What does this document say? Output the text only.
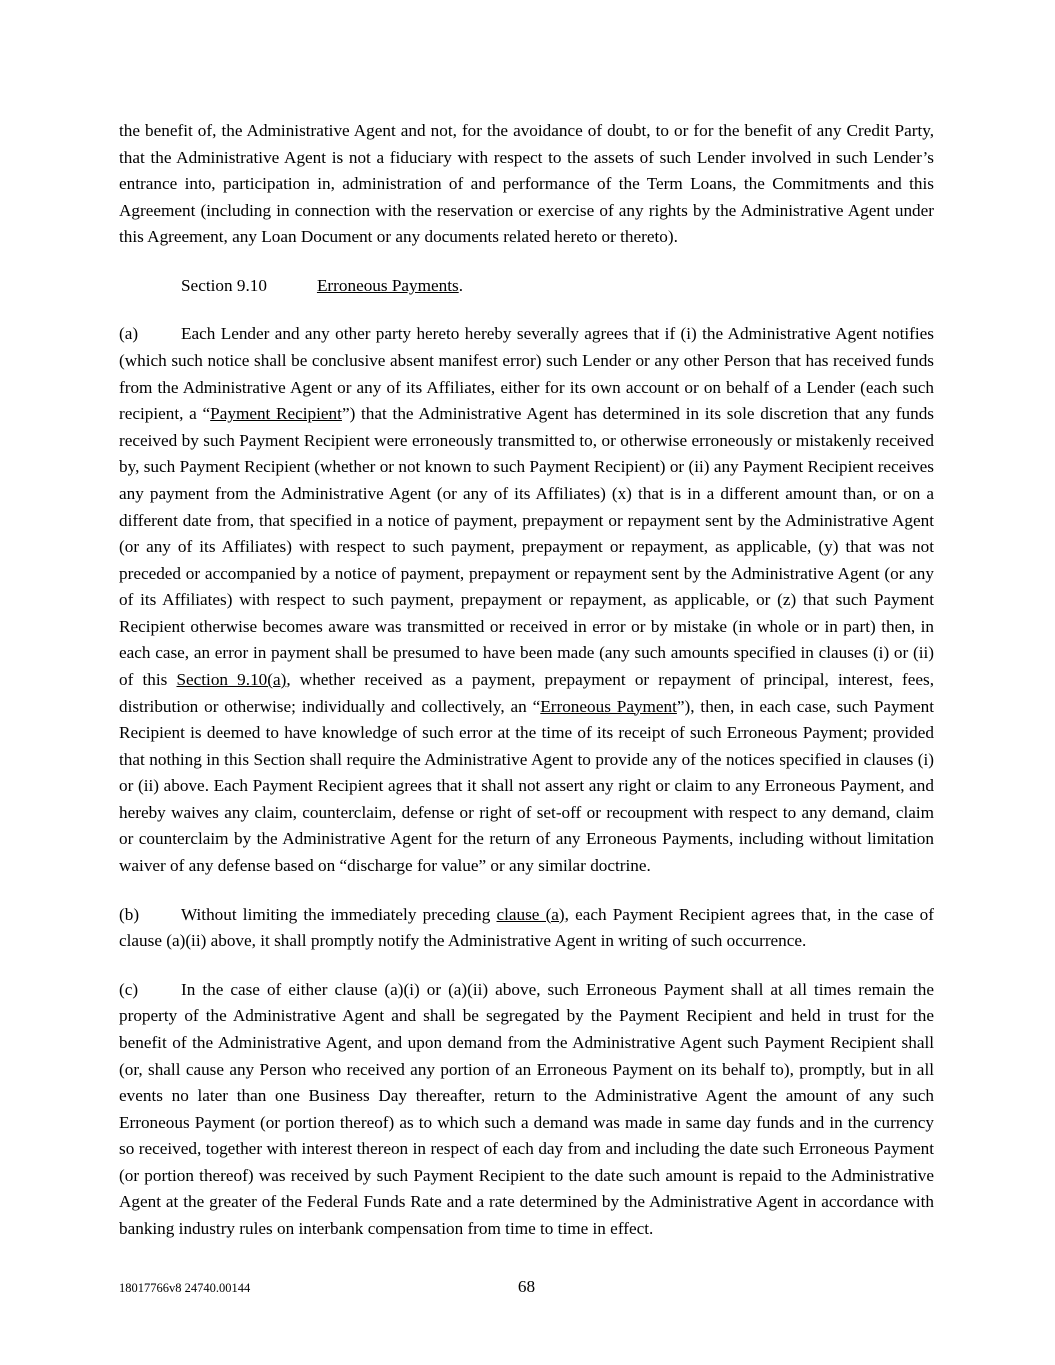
the benefit of, the Administrative Agent and not, for the avoidance of doubt, to or for the benefit of any Credit Party, that the Administrative Agent is not a fiduciary with respect to the assets of such Lender involved in such Lender’s entrance into, participation in, administration of and performance of the Term Loans, the Commitments and this Agreement (including in connection with the reservation or exercise of any rights by the Administrative Agent under this Agreement, any Loan Document or any documents related hereto or thereto).

Section 9.10	Erroneous Payments.

(a) Each Lender and any other party hereto hereby severally agrees that if (i) the Administrative Agent notifies (which such notice shall be conclusive absent manifest error) such Lender or any other Person that has received funds from the Administrative Agent or any of its Affiliates, either for its own account or on behalf of a Lender (each such recipient, a “Payment Recipient”) that the Administrative Agent has determined in its sole discretion that any funds received by such Payment Recipient were erroneously transmitted to, or otherwise erroneously or mistakenly received by, such Payment Recipient (whether or not known to such Payment Recipient) or (ii) any Payment Recipient receives any payment from the Administrative Agent (or any of its Affiliates) (x) that is in a different amount than, or on a different date from, that specified in a notice of payment, prepayment or repayment sent by the Administrative Agent (or any of its Affiliates) with respect to such payment, prepayment or repayment, as applicable, (y) that was not preceded or accompanied by a notice of payment, prepayment or repayment sent by the Administrative Agent (or any of its Affiliates) with respect to such payment, prepayment or repayment, as applicable, or (z) that such Payment Recipient otherwise becomes aware was transmitted or received in error or by mistake (in whole or in part) then, in each case, an error in payment shall be presumed to have been made (any such amounts specified in clauses (i) or (ii) of this Section 9.10(a), whether received as a payment, prepayment or repayment of principal, interest, fees, distribution or otherwise; individually and collectively, an “Erroneous Payment”), then, in each case, such Payment Recipient is deemed to have knowledge of such error at the time of its receipt of such Erroneous Payment; provided that nothing in this Section shall require the Administrative Agent to provide any of the notices specified in clauses (i) or (ii) above. Each Payment Recipient agrees that it shall not assert any right or claim to any Erroneous Payment, and hereby waives any claim, counterclaim, defense or right of set-off or recoupment with respect to any demand, claim or counterclaim by the Administrative Agent for the return of any Erroneous Payments, including without limitation waiver of any defense based on “discharge for value” or any similar doctrine.

(b) Without limiting the immediately preceding clause (a), each Payment Recipient agrees that, in the case of clause (a)(ii) above, it shall promptly notify the Administrative Agent in writing of such occurrence.

(c) In the case of either clause (a)(i) or (a)(ii) above, such Erroneous Payment shall at all times remain the property of the Administrative Agent and shall be segregated by the Payment Recipient and held in trust for the benefit of the Administrative Agent, and upon demand from the Administrative Agent such Payment Recipient shall (or, shall cause any Person who received any portion of an Erroneous Payment on its behalf to), promptly, but in all events no later than one Business Day thereafter, return to the Administrative Agent the amount of any such Erroneous Payment (or portion thereof) as to which such a demand was made in same day funds and in the currency so received, together with interest thereon in respect of each day from and including the date such Erroneous Payment (or portion thereof) was received by such Payment Recipient to the date such amount is repaid to the Administrative Agent at the greater of the Federal Funds Rate and a rate determined by the Administrative Agent in accordance with banking industry rules on interbank compensation from time to time in effect.

18017766v8 24740.00144	68
